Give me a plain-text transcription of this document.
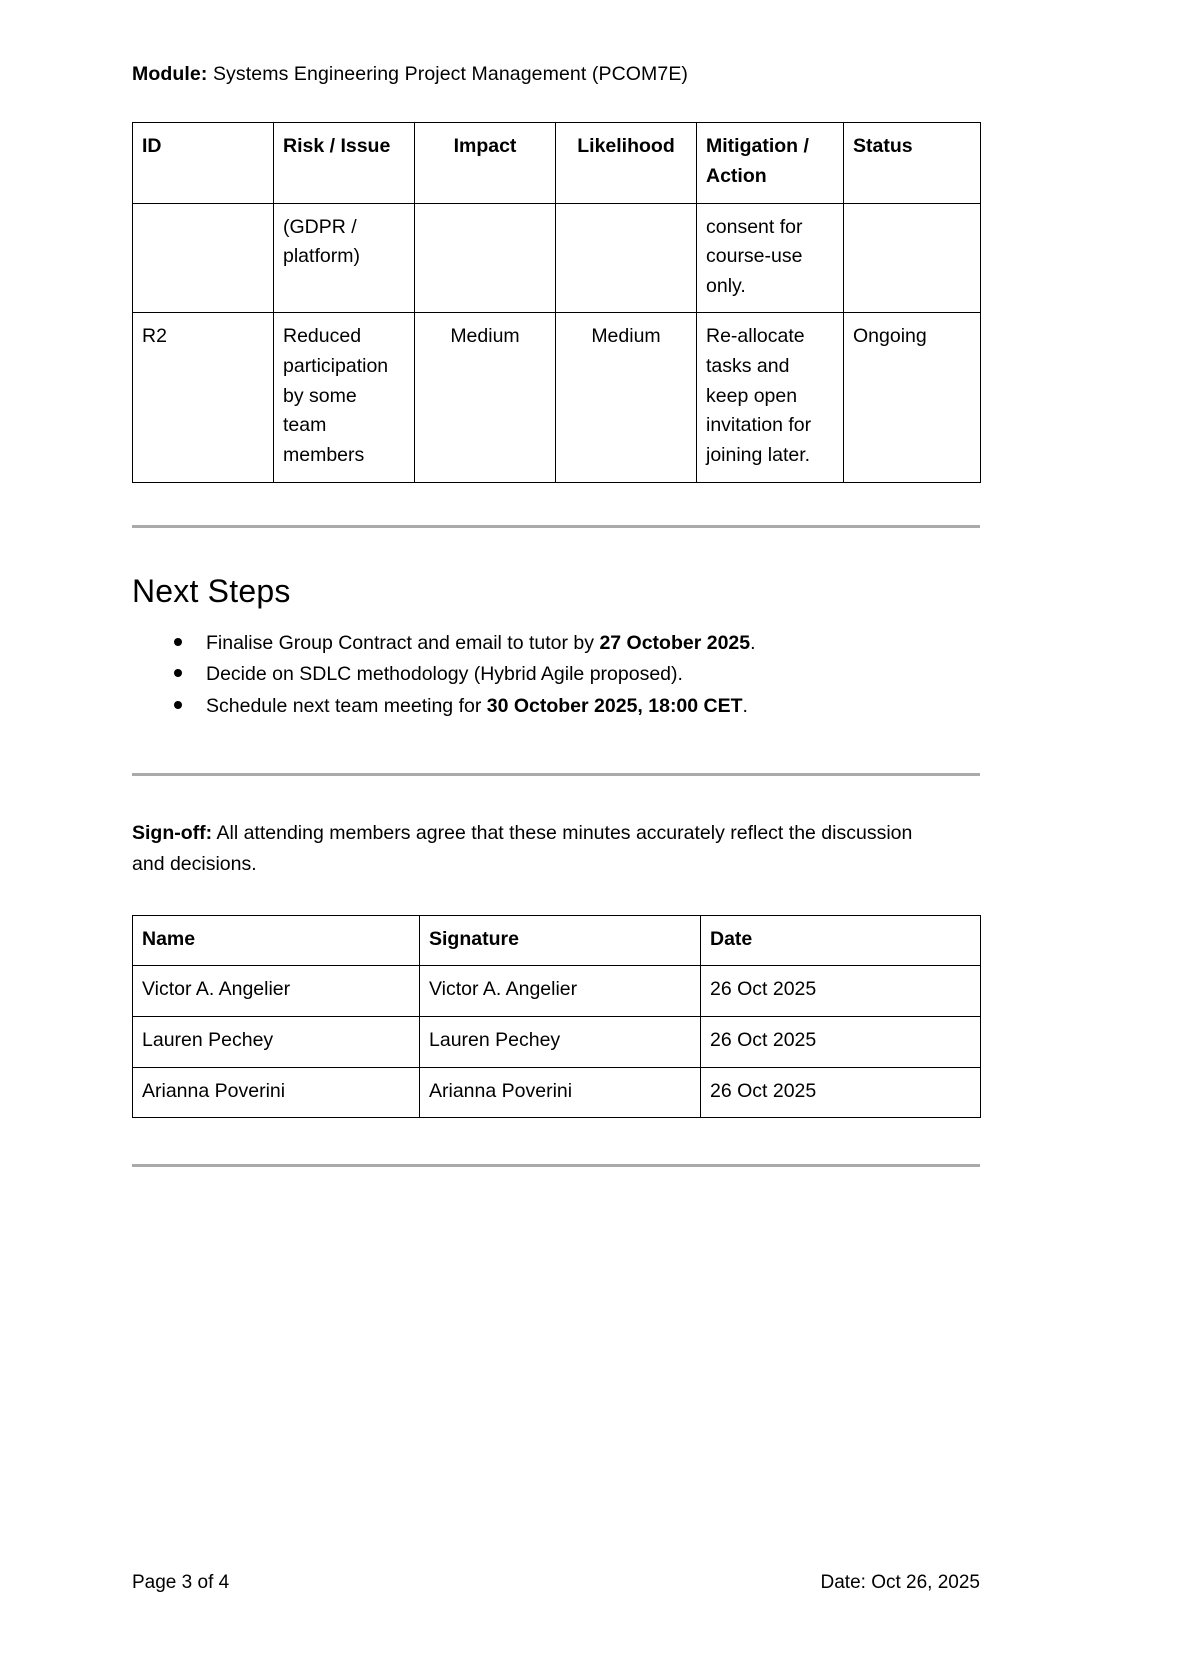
Module: Systems Engineering Project Management (PCOM7E)
ID	Risk / Issue	Impact	Likelihood	Mitigation / Action	Status
	(GDPR / platform)			consent for course-use only.	
R2	Reduced participation by some team members	Medium	Medium	Re-allocate tasks and keep open invitation for joining later.	Ongoing
Next Steps
Finalise Group Contract and email to tutor by 27 October 2025.
Decide on SDLC methodology (Hybrid Agile proposed).
Schedule next team meeting for 30 October 2025, 18:00 CET.

Sign-off: All attending members agree that these minutes accurately reflect the discussion and decisions.

Name	Signature	Date
Victor A. Angelier	Victor A. Angelier	26 Oct 2025
Lauren Pechey	Lauren Pechey	26 Oct 2025
Arianna Poverini	Arianna Poverini	26 Oct 2025
Page 3 of 4	Date: Oct 26, 2025
